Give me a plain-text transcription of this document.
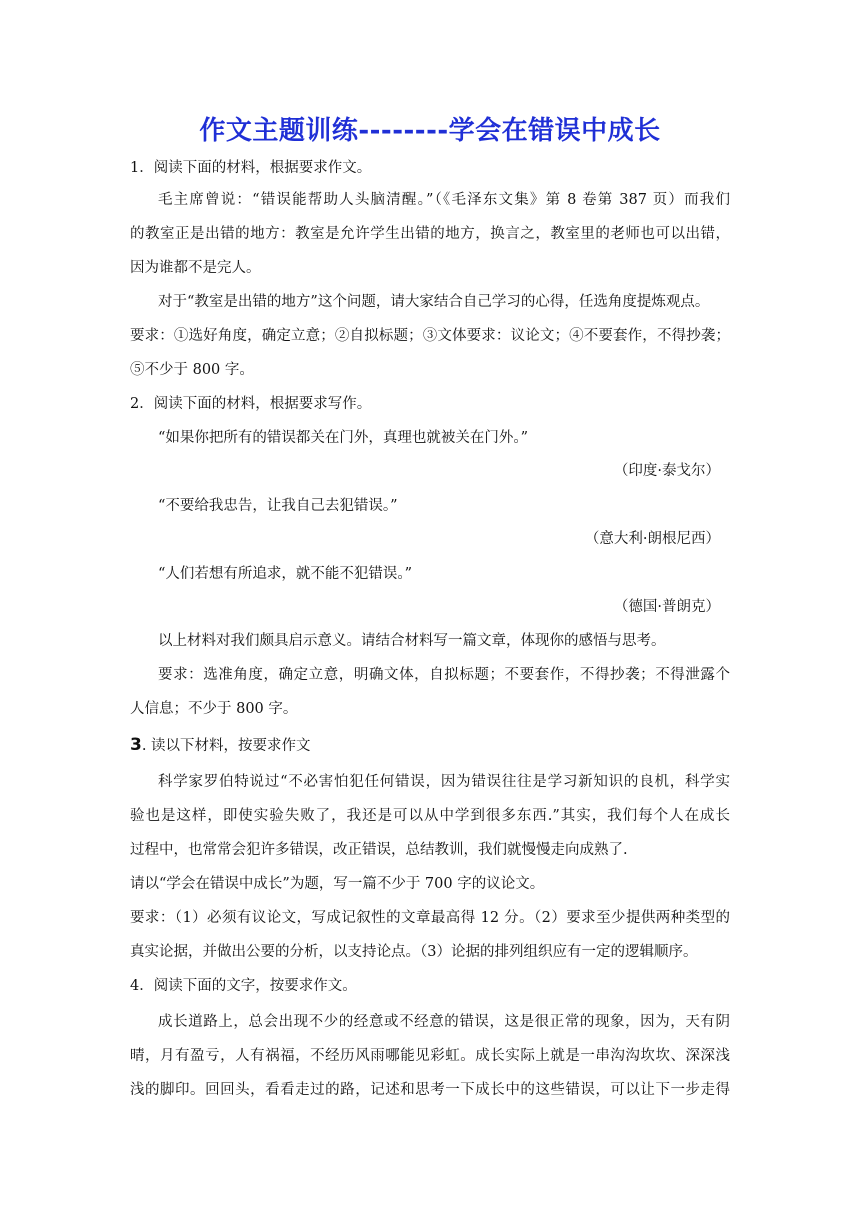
作文主题训练--------学会在错误中成长
1．阅读下面的材料，根据要求作文。
毛主席曾说：“错误能帮助人头脑清醒。”（《毛泽东文集》第 8 卷第 387 页）而我们
的教室正是出错的地方：教室是允许学生出错的地方，换言之，教室里的老师也可以出错，
因为谁都不是完人。
对于“教室是出错的地方”这个问题，请大家结合自己学习的心得，任选角度提炼观点。
要求：①选好角度，确定立意；②自拟标题；③文体要求：议论文；④不要套作，不得抄袭；
⑤不少于 800 字。
2．阅读下面的材料，根据要求写作。
“如果你把所有的错误都关在门外，真理也就被关在门外。”
（印度·泰戈尔）
“不要给我忠告，让我自己去犯错误。”
（意大利·朗根尼西）
“人们若想有所追求，就不能不犯错误。”
（德国·普朗克）
以上材料对我们颇具启示意义。请结合材料写一篇文章，体现你的感悟与思考。
要求：选准角度，确定立意，明确文体，自拟标题；不要套作，不得抄袭；不得泄露个
人信息；不少于 800 字。
3. 读以下材料，按要求作文
科学家罗伯特说过“不必害怕犯任何错误，因为错误往往是学习新知识的良机，科学实
验也是这样，即使实验失败了，我还是可以从中学到很多东西.”其实，我们每个人在成长
过程中，也常常会犯许多错误，改正错误，总结教训，我们就慢慢走向成熟了.
请以“学会在错误中成长”为题，写一篇不少于 700 字的议论文。
要求：（1）必须有议论文，写成记叙性的文章最高得 12 分。（2）要求至少提供两种类型的
真实论据，并做出公要的分析，以支持论点。（3）论据的排列组织应有一定的逻辑顺序。
4．阅读下面的文字，按要求作文。
成长道路上，总会出现不少的经意或不经意的错误，这是很正常的现象，因为，天有阴
晴，月有盈亏，人有祸福，不经历风雨哪能见彩虹。成长实际上就是一串沟沟坎坎、深深浅
浅的脚印。回回头，看看走过的路，记述和思考一下成长中的这些错误，可以让下一步走得
